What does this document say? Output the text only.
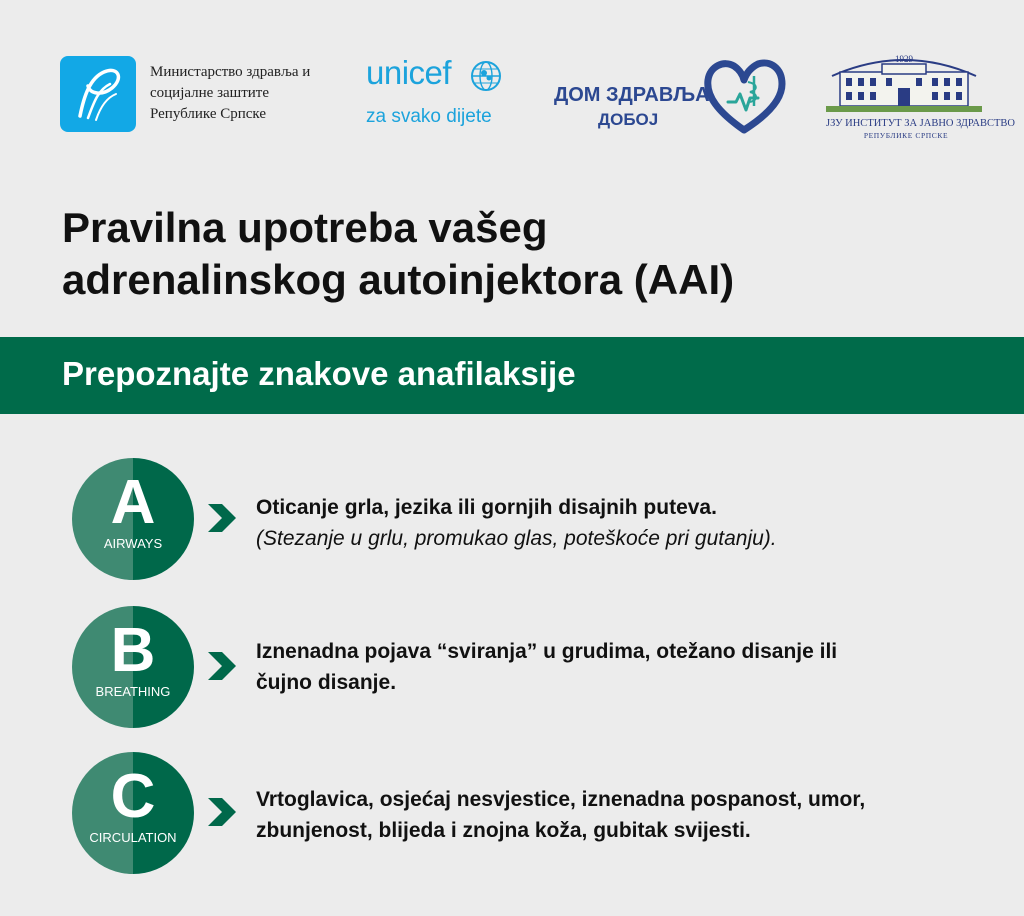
Министарство здравља и
социјалне заштите
Републике Српске
unicef
za svako dijete
ДОМ ЗДРАВЉА
ДОБОЈ
1929
ЈЗУ ИНСТИТУТ ЗА ЈАВНО ЗДРАВСТВО
РЕПУБЛИКЕ СРПСКЕ
Pravilna upotreba vašeg
adrenalinskog autoinjektora (AAI)
Prepoznajte znakove anafilaksije
A
AIRWAYS
Oticanje grla, jezika ili gornjih disajnih puteva.
(Stezanje u grlu, promukao glas, poteškoće pri gutanju).
B
BREATHING
Iznenadna pojava “sviranja” u grudima, otežano disanje ili
čujno disanje.
C
CIRCULATION
Vrtoglavica, osjećaj nesvjestice, iznenadna pospanost, umor,
zbunjenost, blijeda i znojna koža, gubitak svijesti.
